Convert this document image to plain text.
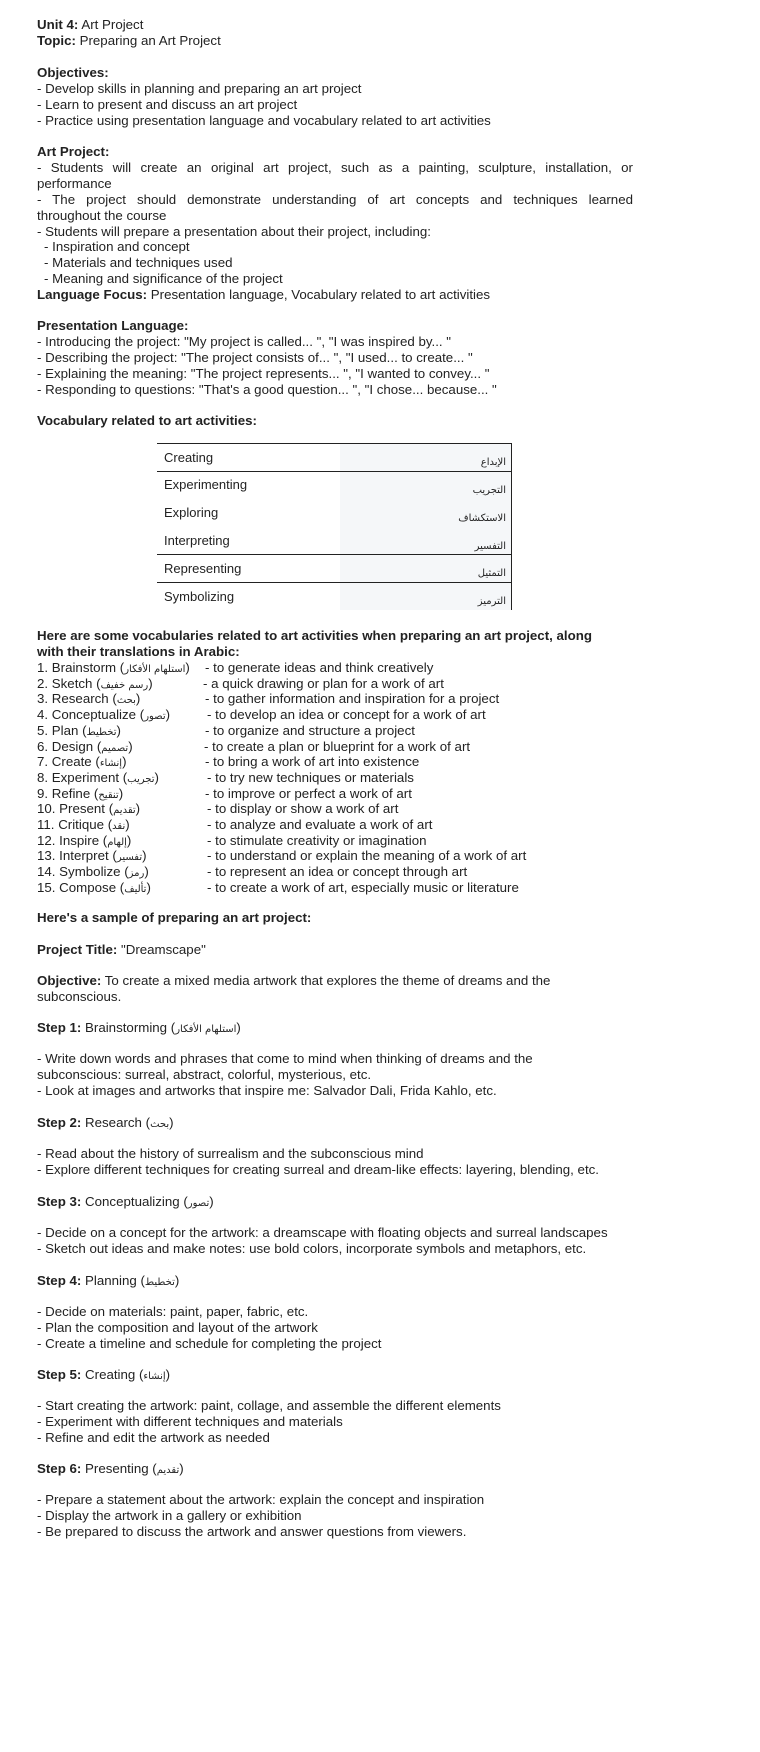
Unit 4: Art Project
Topic: Preparing an Art Project
Objectives:
- Develop skills in planning and preparing an art project
- Learn to present and discuss an art project
- Practice using presentation language and vocabulary related to art activities
Art Project:
- Students will create an original art project, such as a painting, sculpture, installation, or
performance
- The project should demonstrate understanding of art concepts and techniques learned
throughout the course
- Students will prepare a presentation about their project, including:
- Inspiration and concept
- Materials and techniques used
- Meaning and significance of the project
Language Focus: Presentation language, Vocabulary related to art activities
Presentation Language:
- Introducing the project: "My project is called... ", "I was inspired by... "
- Describing the project: "The project consists of... ", "I used... to create... "
- Explaining the meaning: "The project represents... ", "I wanted to convey... "
- Responding to questions: "That's a good question... ", "I chose... because... "
Vocabulary related to art activities:
Creating	الإبداع
Experimenting	التجريب
Exploring	الاستكشاف
Interpreting	التفسير
Representing	التمثيل
Symbolizing	الترميز
Here are some vocabularies related to art activities when preparing an art project, along
with their translations in Arabic:
1. Brainstorm (استلهام الأفكار) - to generate ideas and think creatively
2. Sketch (رسم خفيف)	- a quick drawing or plan for a work of art
3. Research (بحث)	- to gather information and inspiration for a project
4. Conceptualize (تصور)	- to develop an idea or concept for a work of art
5. Plan (تخطيط)	- to organize and structure a project
6. Design (تصميم)	- to create a plan or blueprint for a work of art
7. Create (إنشاء)	- to bring a work of art into existence
8. Experiment (تجريب)	- to try new techniques or materials
9. Refine (تنقيح)	- to improve or perfect a work of art
10. Present (تقديم)	- to display or show a work of art
11. Critique (نقد)	- to analyze and evaluate a work of art
12. Inspire (إلهام)	- to stimulate creativity or imagination
13. Interpret (تفسير)	- to understand or explain the meaning of a work of art
14. Symbolize (رمز)	- to represent an idea or concept through art
15. Compose (تأليف)	- to create a work of art, especially music or literature
Here's a sample of preparing an art project:
Project Title: "Dreamscape"
Objective: To create a mixed media artwork that explores the theme of dreams and the
subconscious.
Step 1: Brainstorming (استلهام الأفكار)
- Write down words and phrases that come to mind when thinking of dreams and the
subconscious: surreal, abstract, colorful, mysterious, etc.
- Look at images and artworks that inspire me: Salvador Dali, Frida Kahlo, etc.
Step 2: Research (بحث)
- Read about the history of surrealism and the subconscious mind
- Explore different techniques for creating surreal and dream-like effects: layering, blending, etc.
Step 3: Conceptualizing (تصور)
- Decide on a concept for the artwork: a dreamscape with floating objects and surreal landscapes
- Sketch out ideas and make notes: use bold colors, incorporate symbols and metaphors, etc.
Step 4: Planning (تخطيط)
- Decide on materials: paint, paper, fabric, etc.
- Plan the composition and layout of the artwork
- Create a timeline and schedule for completing the project
Step 5: Creating (إنشاء)
- Start creating the artwork: paint, collage, and assemble the different elements
- Experiment with different techniques and materials
- Refine and edit the artwork as needed
Step 6: Presenting (تقديم)
- Prepare a statement about the artwork: explain the concept and inspiration
- Display the artwork in a gallery or exhibition
- Be prepared to discuss the artwork and answer questions from viewers.
